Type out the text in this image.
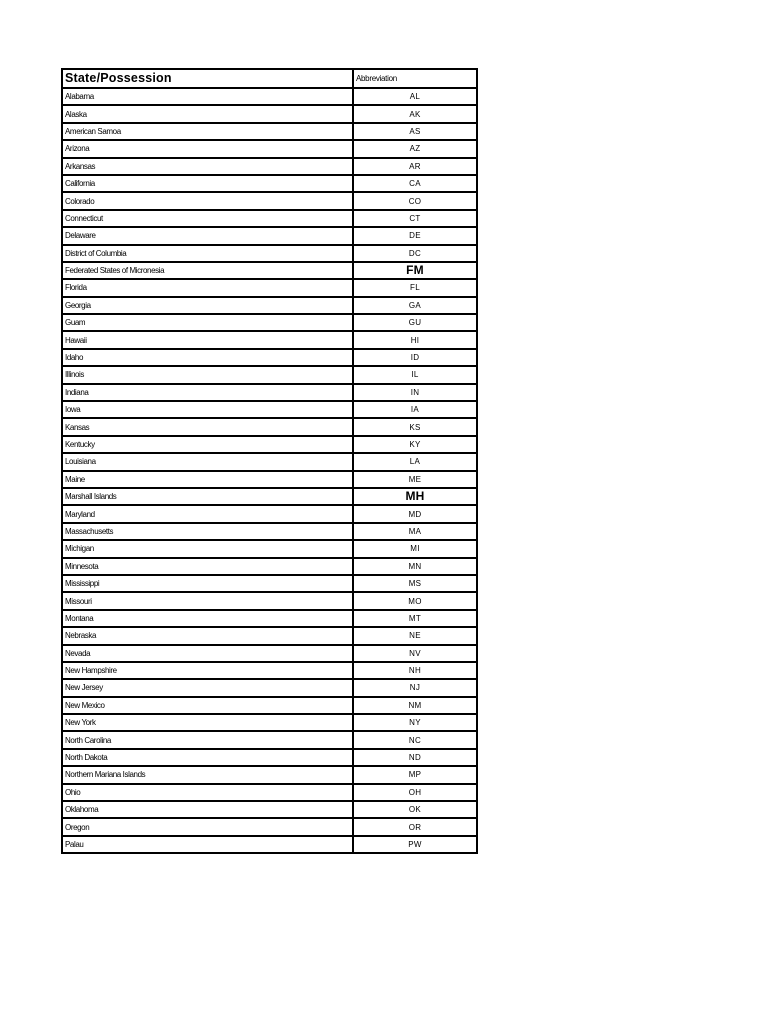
State/Possession	Abbreviation
Alabama	AL
Alaska	AK
American Samoa	AS
Arizona	AZ
Arkansas	AR
California	CA
Colorado	CO
Connecticut	CT
Delaware	DE
District of Columbia	DC
Federated States of Micronesia	FM
Florida	FL
Georgia	GA
Guam	GU
Hawaii	HI
Idaho	ID
Illinois	IL
Indiana	IN
Iowa	IA
Kansas	KS
Kentucky	KY
Louisiana	LA
Maine	ME
Marshall Islands	MH
Maryland	MD
Massachusetts	MA
Michigan	MI
Minnesota	MN
Mississippi	MS
Missouri	MO
Montana	MT
Nebraska	NE
Nevada	NV
New Hampshire	NH
New Jersey	NJ
New Mexico	NM
New York	NY
North Carolina	NC
North Dakota	ND
Northern Mariana Islands	MP
Ohio	OH
Oklahoma	OK
Oregon	OR
Palau	PW
